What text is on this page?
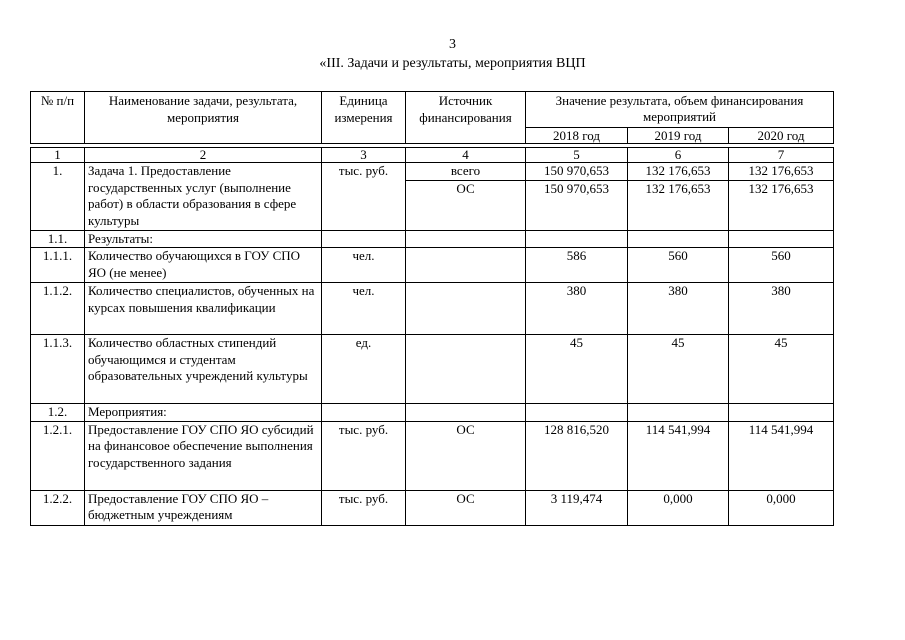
3
«III. Задачи и результаты, мероприятия ВЦП
№ п/п	Наименование задачи, результата, мероприятия	Единица измерения	Источник финансирования	Значение результата, объем финансирования мероприятий		
				2018 год	2019 год	2020 год
1	2	3	4	5	6	7
1.	Задача 1. Предоставление государственных услуг (выполнение работ) в области образования в сфере культуры	тыс. руб.	всего	150 970,653	132 176,653	132 176,653
			ОС	150 970,653	132 176,653	132 176,653
1.1.	Результаты:					
1.1.1.	Количество обучающихся в ГОУ СПО ЯО (не менее)	чел.		586	560	560
1.1.2.	Количество специалистов, обученных на курсах повышения квалификации	чел.		380	380	380
1.1.3.	Количество областных стипендий обучающимся и студентам образовательных учреждений культуры	ед.		45	45	45
1.2.	Мероприятия:					
1.2.1.	Предоставление ГОУ СПО ЯО субсидий на финансовое обеспечение выполнения государственного задания	тыс. руб.	ОС	128 816,520	114 541,994	114 541,994
1.2.2.	Предоставление ГОУ СПО ЯО – бюджетным учреждениям	тыс. руб.	ОС	3 119,474	0,000	0,000
